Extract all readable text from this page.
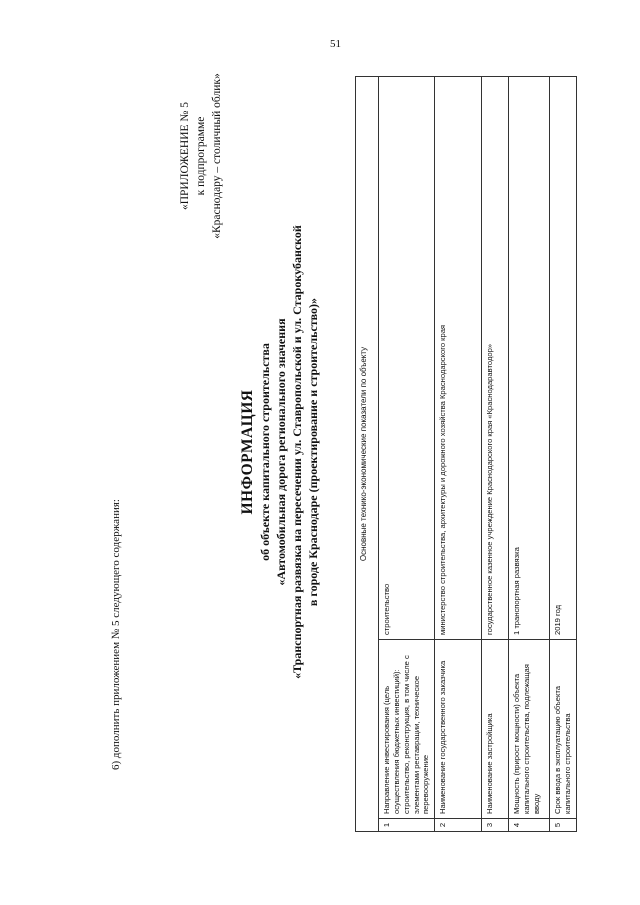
51
6) дополнить приложением № 5 следующего содержания:
«ПРИЛОЖЕНИЕ № 5 к подпрограмме «Краснодару – столичный облик»
ИНФОРМАЦИЯ об объекте капитального строительства «Автомобильная дорога регионального значения «Транспортная развязка на пересечении ул. Ставропольской и ул. Старокубанской в городе Краснодаре (проектирование и строительство)»	Основные технико-экономические показатели по объекту		
1	Направление инвестирования (цель осуществления бюджетных инвестиций): строительство, реконструкция, в том числе с элементами реставрации, техническое перевооружение	строительство
2	Наименование государственного заказчика	министерство строительства, архитектуры и дорожного хозяйства Краснодарского края
3	Наименование застройщика	государственное казенное учреждение Краснодарского края «Краснодаравтодор»
4	Мощность (прирост мощности) объекта капитального строительства, подлежащая вводу	1 транспортная развязка
5	Срок ввода в эксплуатацию объекта капитального строительства	2019 год
